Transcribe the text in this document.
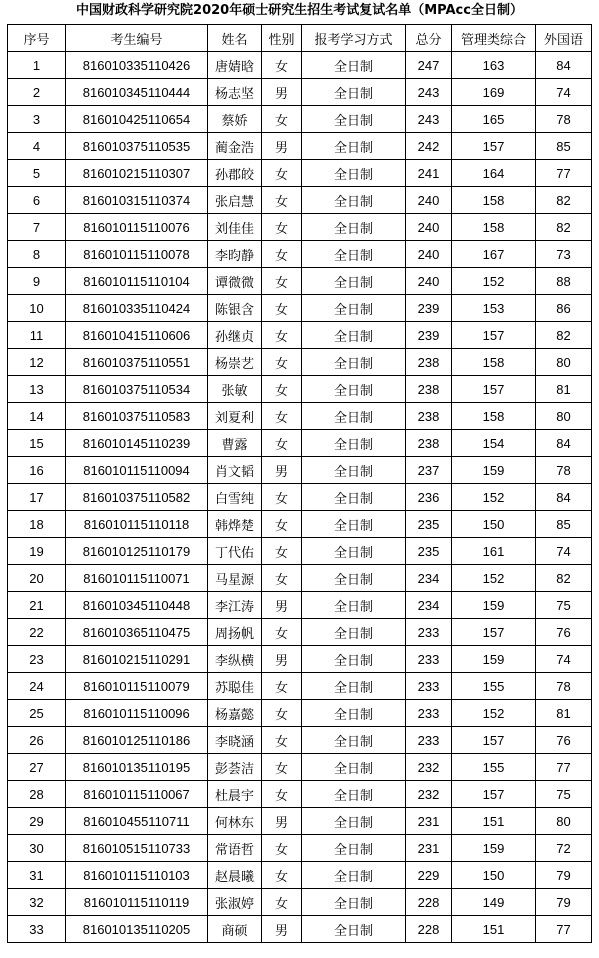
中国财政科学研究院2020年硕士研究生招生考试复试名单（MPAcc全日制）
序号	考生编号	姓名	性别	报考学习方式	总分	管理类综合	外国语
1	816010335110426	唐婧晗	女	全日制	247	163	84
2	816010345110444	杨志坚	男	全日制	243	169	74
3	816010425110654	蔡娇	女	全日制	243	165	78
4	816010375110535	蔺金浩	男	全日制	242	157	85
5	816010215110307	孙郡皎	女	全日制	241	164	77
6	816010315110374	张启慧	女	全日制	240	158	82
7	816010115110076	刘佳佳	女	全日制	240	158	82
8	816010115110078	李昀静	女	全日制	240	167	73
9	816010115110104	谭微微	女	全日制	240	152	88
10	816010335110424	陈银含	女	全日制	239	153	86
11	816010415110606	孙继贞	女	全日制	239	157	82
12	816010375110551	杨崇艺	女	全日制	238	158	80
13	816010375110534	张敏	女	全日制	238	157	81
14	816010375110583	刘夏利	女	全日制	238	158	80
15	816010145110239	曹露	女	全日制	238	154	84
16	816010115110094	肖文韬	男	全日制	237	159	78
17	816010375110582	白雪纯	女	全日制	236	152	84
18	816010115110118	韩烨楚	女	全日制	235	150	85
19	816010125110179	丁代佑	女	全日制	235	161	74
20	816010115110071	马星源	女	全日制	234	152	82
21	816010345110448	李江涛	男	全日制	234	159	75
22	816010365110475	周扬帆	女	全日制	233	157	76
23	816010215110291	李纵横	男	全日制	233	159	74
24	816010115110079	苏聪佳	女	全日制	233	155	78
25	816010115110096	杨嘉懿	女	全日制	233	152	81
26	816010125110186	李晓涵	女	全日制	233	157	76
27	816010135110195	彭荟洁	女	全日制	232	155	77
28	816010115110067	杜晨宇	女	全日制	232	157	75
29	816010455110711	何林东	男	全日制	231	151	80
30	816010515110733	常语哲	女	全日制	231	159	72
31	816010115110103	赵晨曦	女	全日制	229	150	79
32	816010115110119	张淑婷	女	全日制	228	149	79
33	816010135110205	商硕	男	全日制	228	151	77
